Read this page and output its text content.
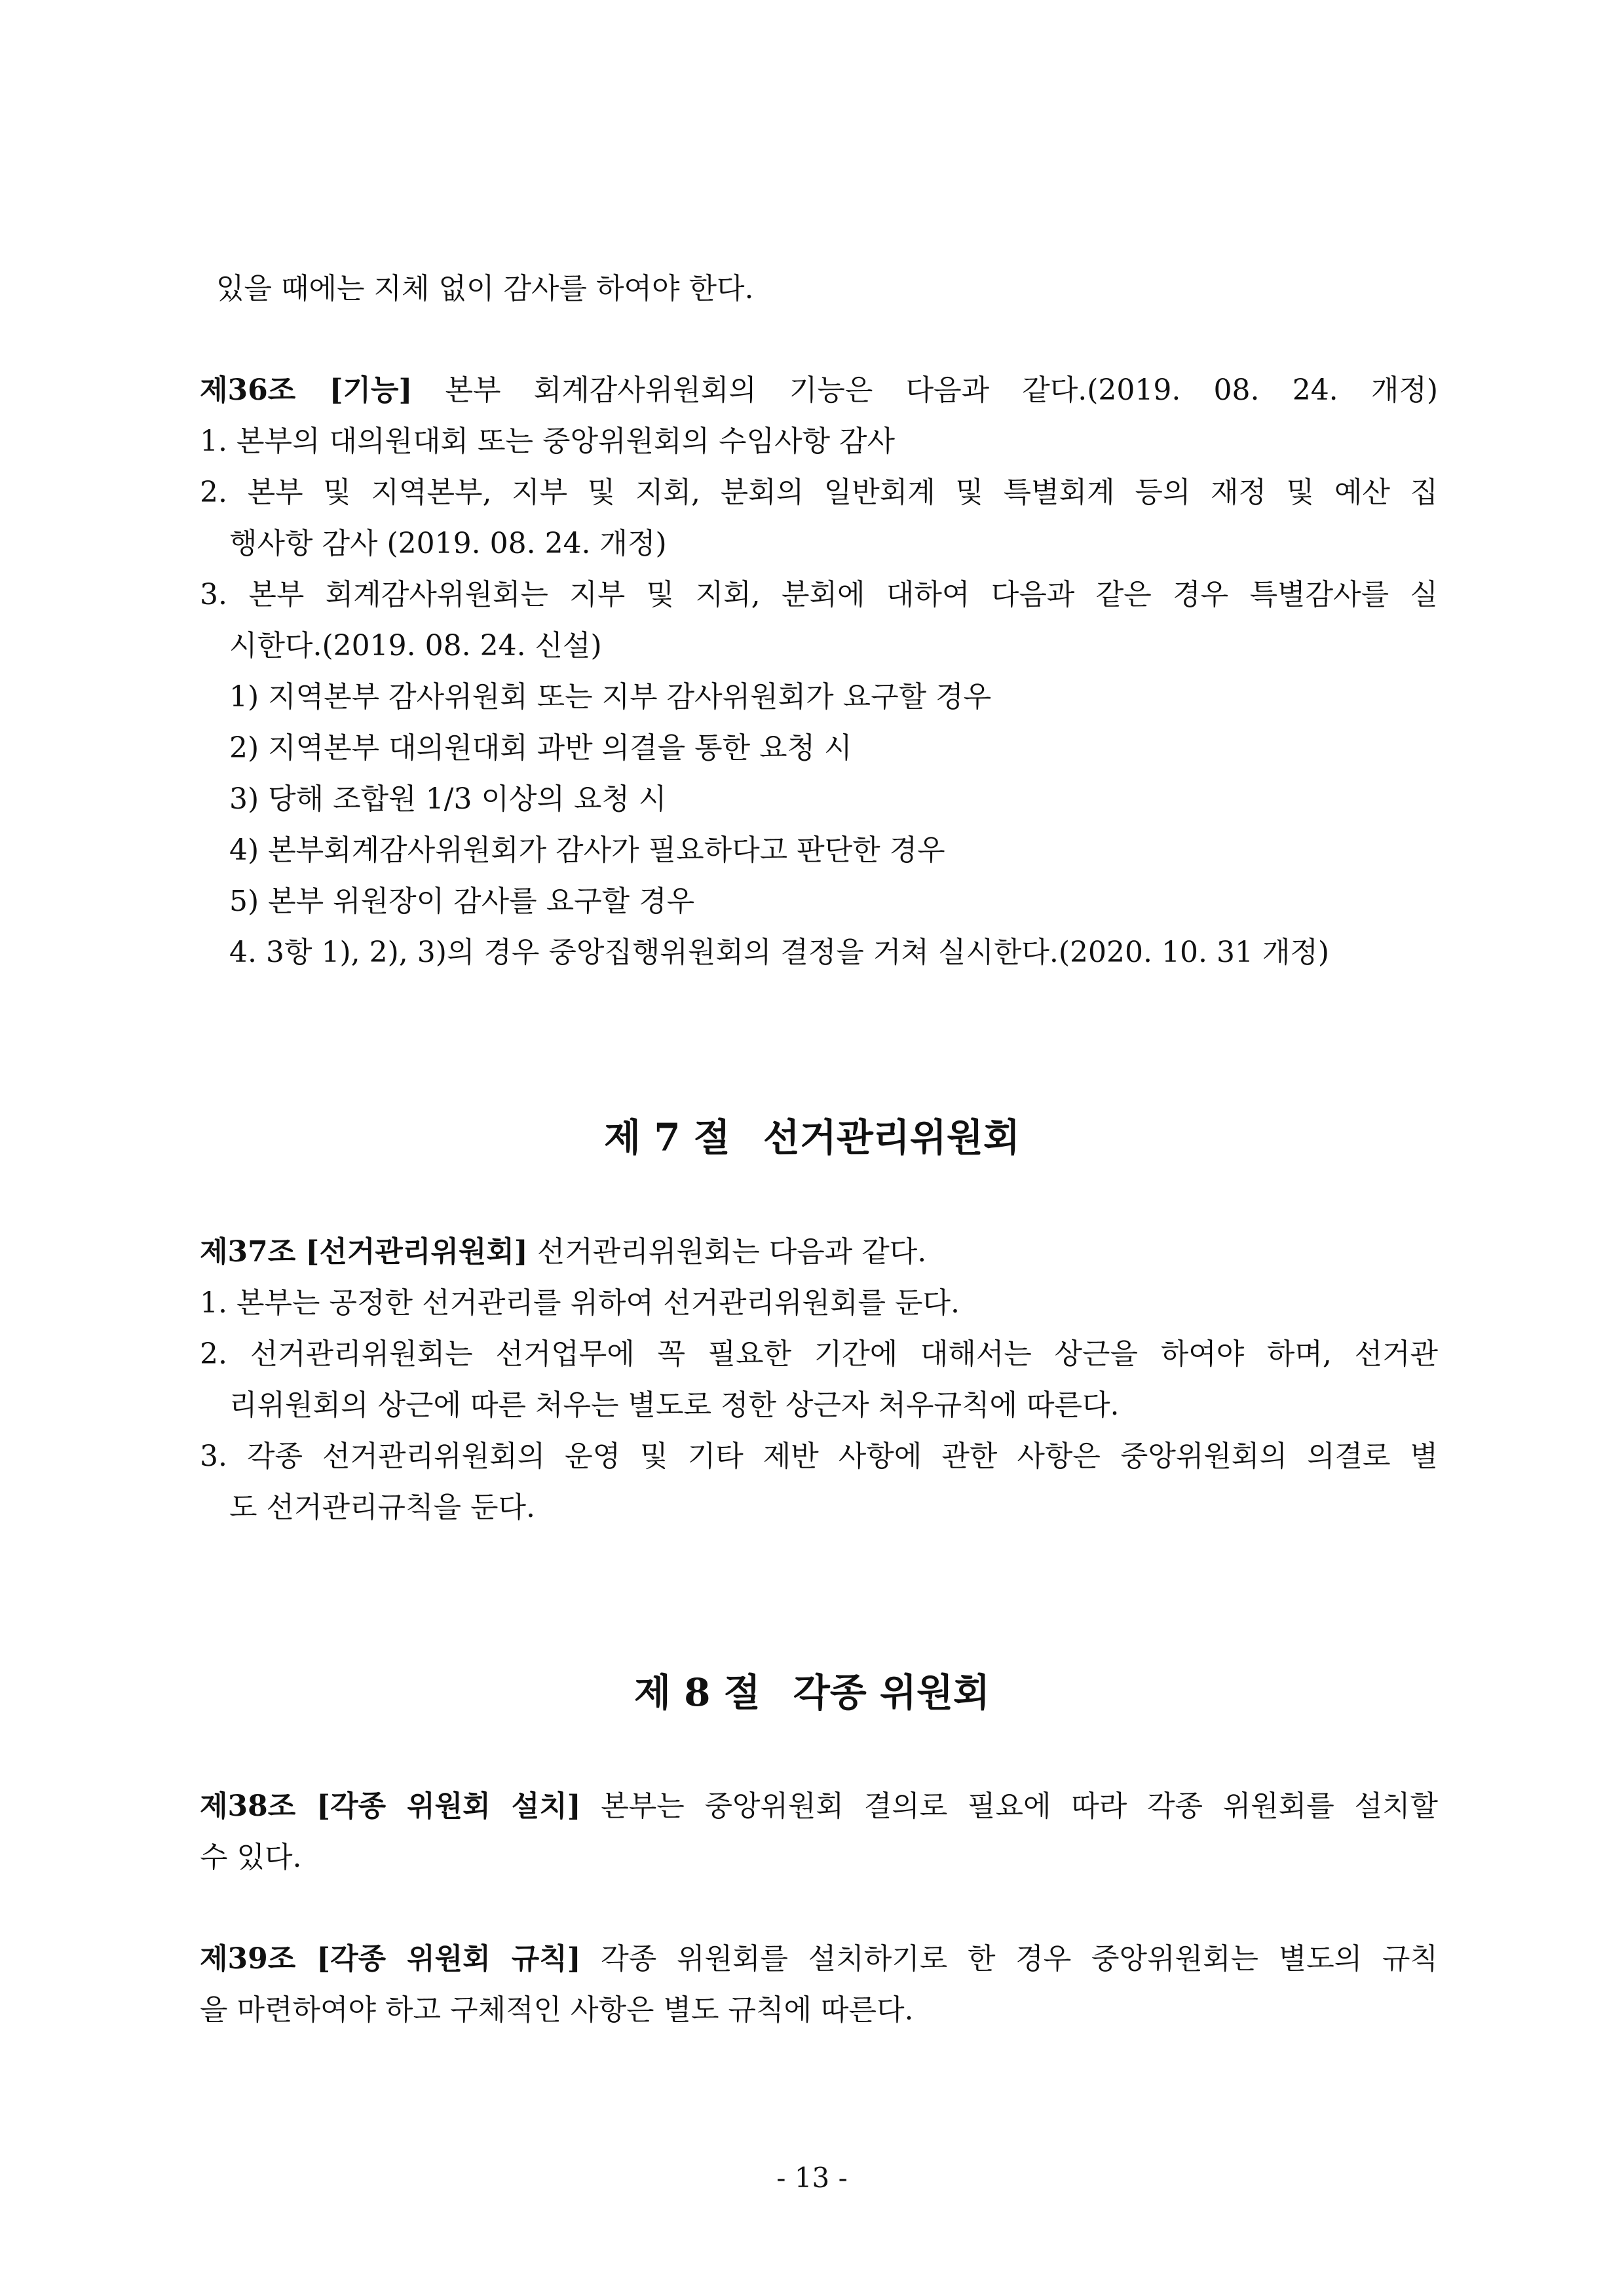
있을 때에는 지체 없이 감사를 하여야 한다.
제36조 [기능] 본부 회계감사위원회의 기능은 다음과 같다.(2019. 08. 24. 개정)
1. 본부의 대의원대회 또는 중앙위원회의 수임사항 감사
2. 본부 및 지역본부, 지부 및 지회, 분회의 일반회계 및 특별회계 등의 재정 및 예산 집
행사항 감사 (2019. 08. 24. 개정)
3. 본부 회계감사위원회는 지부 및 지회, 분회에 대하여 다음과 같은 경우 특별감사를 실
시한다.(2019. 08. 24. 신설)
1) 지역본부 감사위원회 또는 지부 감사위원회가 요구할 경우
2) 지역본부 대의원대회 과반 의결을 통한 요청 시
3) 당해 조합원 1/3 이상의 요청 시
4) 본부회계감사위원회가 감사가 필요하다고 판단한 경우
5) 본부 위원장이 감사를 요구할 경우
4. 3항 1), 2), 3)의 경우 중앙집행위원회의 결정을 거쳐 실시한다.(2020. 10. 31 개정)
제 7 절 선거관리위원회
제37조 [선거관리위원회] 선거관리위원회는 다음과 같다.
1. 본부는 공정한 선거관리를 위하여 선거관리위원회를 둔다.
2. 선거관리위원회는 선거업무에 꼭 필요한 기간에 대해서는 상근을 하여야 하며, 선거관
리위원회의 상근에 따른 처우는 별도로 정한 상근자 처우규칙에 따른다.
3. 각종 선거관리위원회의 운영 및 기타 제반 사항에 관한 사항은 중앙위원회의 의결로 별
도 선거관리규칙을 둔다.
제 8 절 각종 위원회
제38조 [각종 위원회 설치] 본부는 중앙위원회 결의로 필요에 따라 각종 위원회를 설치할
수 있다.
제39조 [각종 위원회 규칙] 각종 위원회를 설치하기로 한 경우 중앙위원회는 별도의 규칙
을 마련하여야 하고 구체적인 사항은 별도 규칙에 따른다.
- 13 -
